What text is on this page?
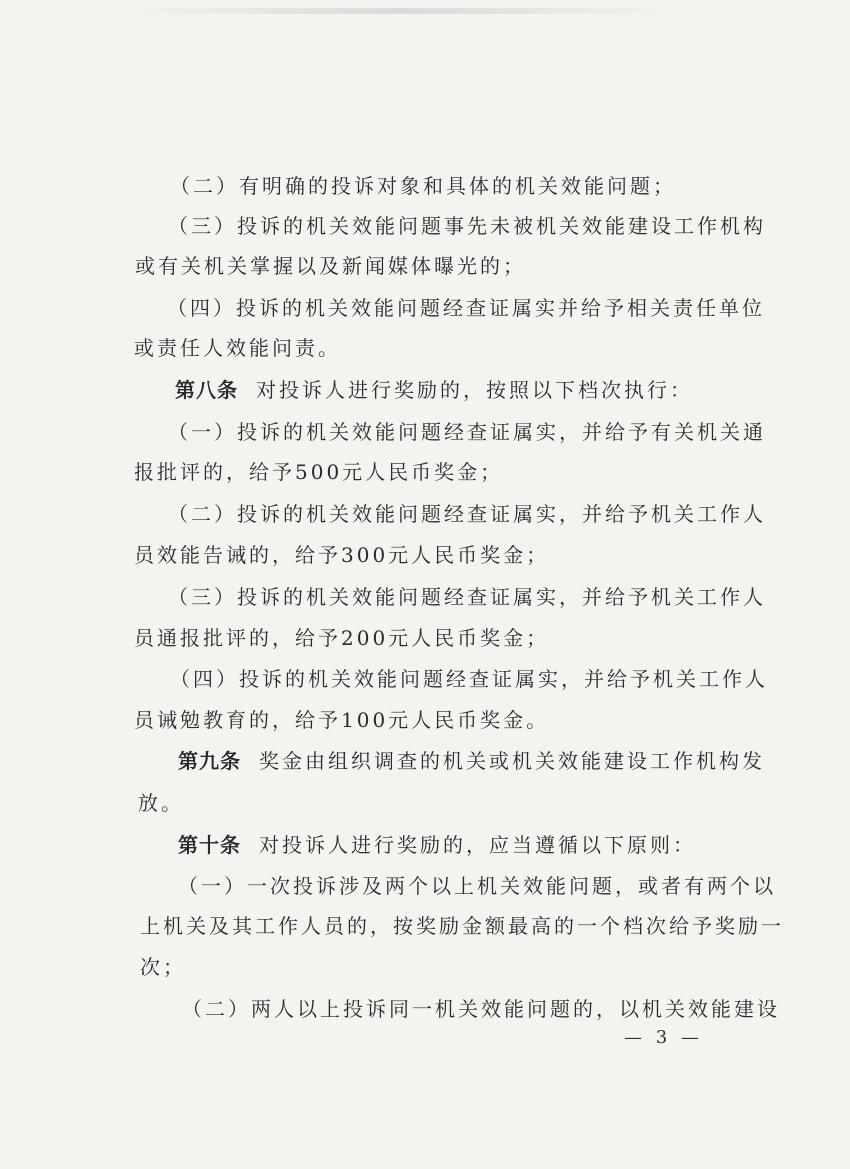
（二）有明确的投诉对象和具体的机关效能问题；
（三）投诉的机关效能问题事先未被机关效能建设工作机构
或有关机关掌握以及新闻媒体曝光的；
（四）投诉的机关效能问题经查证属实并给予相关责任单位
或责任人效能问责。
第八条 对投诉人进行奖励的，按照以下档次执行：
（一）投诉的机关效能问题经查证属实，并给予有关机关通
报批评的，给予500元人民币奖金；
（二）投诉的机关效能问题经查证属实，并给予机关工作人
员效能告诫的，给予300元人民币奖金；
（三）投诉的机关效能问题经查证属实，并给予机关工作人
员通报批评的，给予200元人民币奖金；
（四）投诉的机关效能问题经查证属实，并给予机关工作人
员诫勉教育的，给予100元人民币奖金。
第九条 奖金由组织调查的机关或机关效能建设工作机构发
放。
第十条 对投诉人进行奖励的，应当遵循以下原则：
（一）一次投诉涉及两个以上机关效能问题，或者有两个以
上机关及其工作人员的，按奖励金额最高的一个档次给予奖励一
次；
（二）两人以上投诉同一机关效能问题的，以机关效能建设
— 3 —
